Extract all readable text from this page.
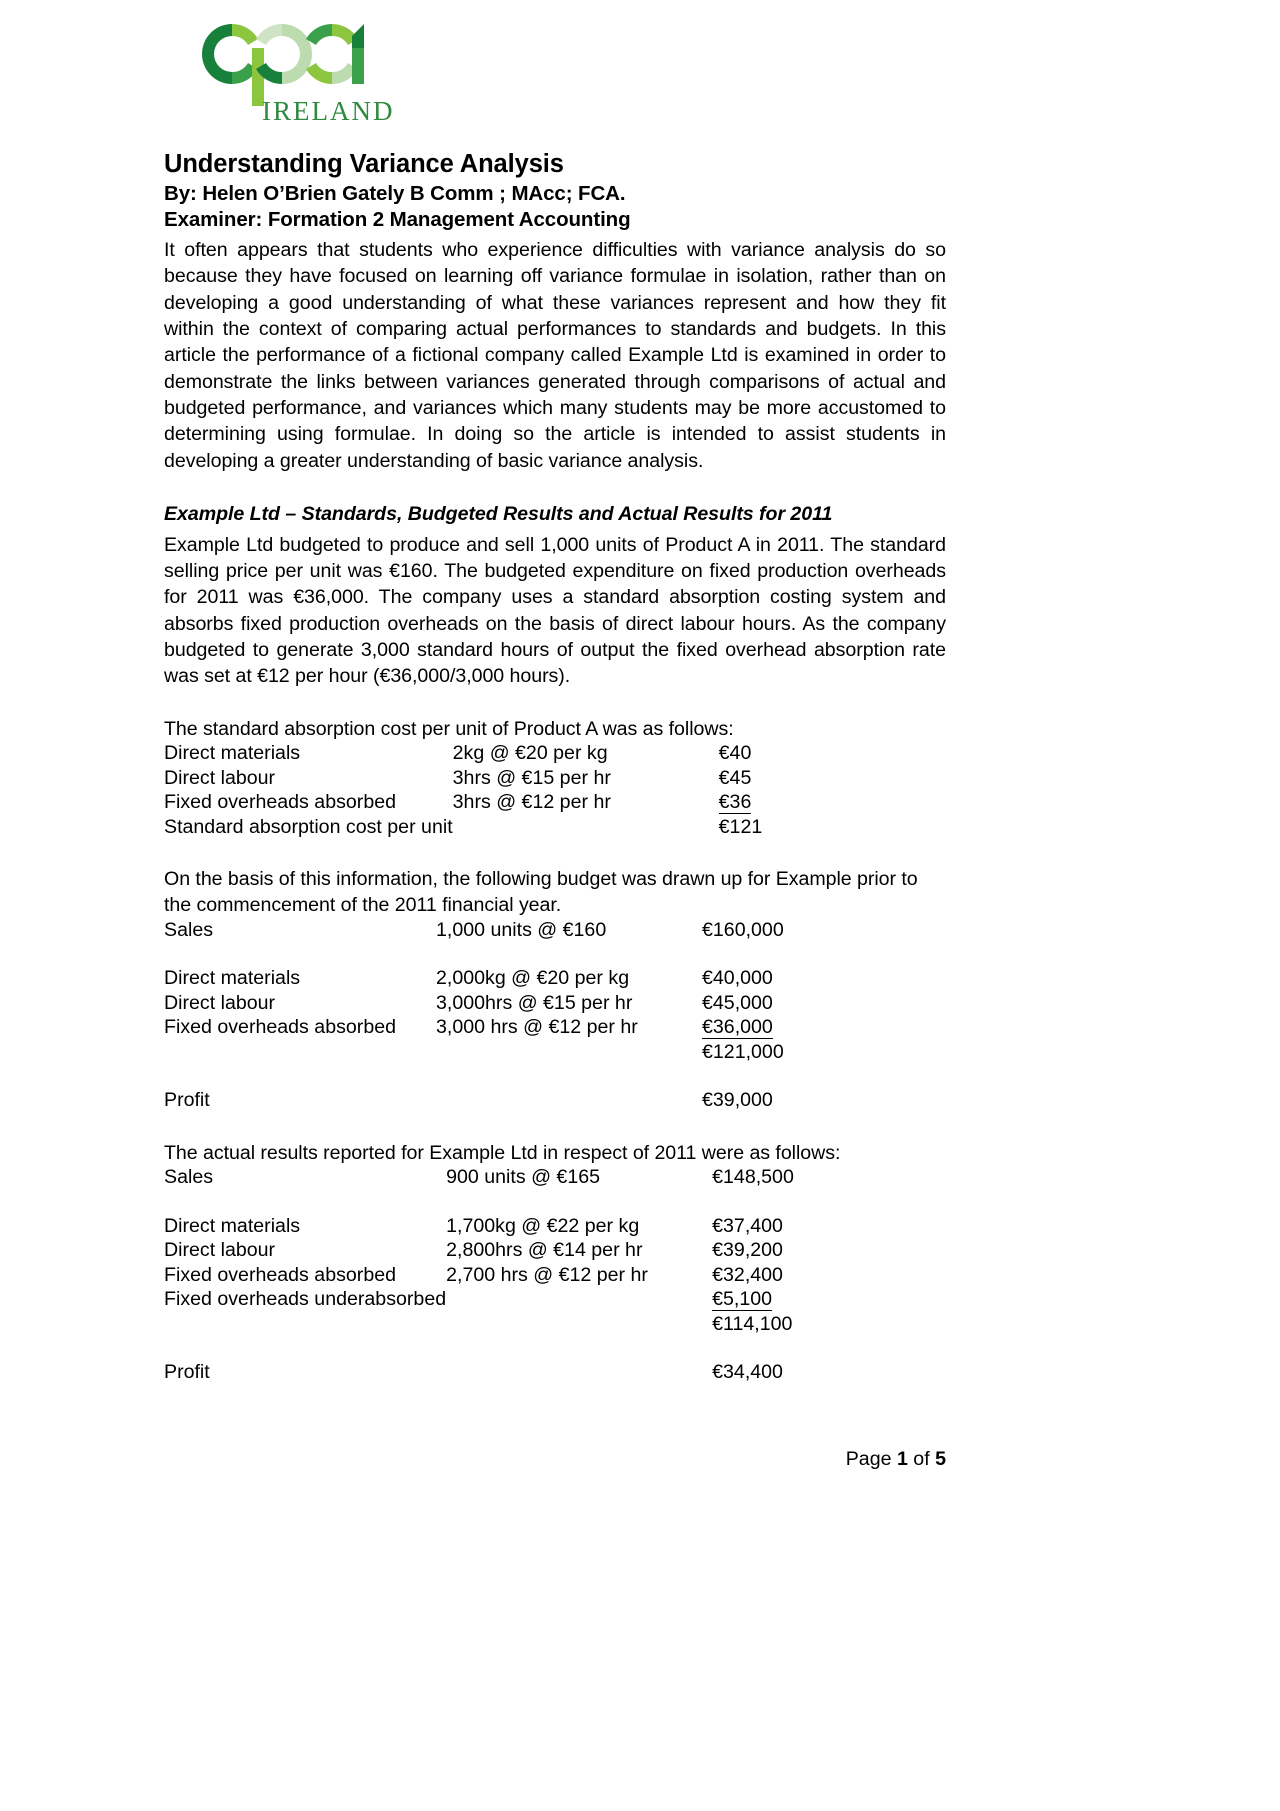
IRELAND
Understanding Variance Analysis
By: Helen O’Brien Gately B Comm ; MAcc; FCA.
Examiner: Formation 2 Management Accounting

It often appears that students who experience difficulties with variance analysis do so because they have focused on learning off variance formulae in isolation, rather than on developing a good understanding of what these variances represent and how they fit within the context of comparing actual performances to standards and budgets. In this article the performance of a fictional company called Example Ltd is examined in order to demonstrate the links between variances generated through comparisons of actual and budgeted performance, and variances which many students may be more accustomed to determining using formulae. In doing so the article is intended to assist students in developing a greater understanding of basic variance analysis.

Example Ltd – Standards, Budgeted Results and Actual Results for 2011

Example Ltd budgeted to produce and sell 1,000 units of Product A in 2011. The standard selling price per unit was €160. The budgeted expenditure on fixed production overheads for 2011 was €36,000. The company uses a standard absorption costing system and absorbs fixed production overheads on the basis of direct labour hours. As the company budgeted to generate 3,000 standard hours of output the fixed overhead absorption rate was set at €12 per hour (€36,000/3,000 hours).

The standard absorption cost per unit of Product A was as follows:

Direct materials	2kg @ €20 per kg	€40
Direct labour	3hrs @ €15 per hr	€45
Fixed overheads absorbed	3hrs @ €12 per hr	€36
Standard absorption cost per unit		€121

On the basis of this information, the following budget was drawn up for Example prior to the commencement of the 2011 financial year.

Sales	1,000 units @ €160	€160,000

Direct materials	2,000kg @ €20 per kg	€40,000
Direct labour	3,000hrs @ €15 per hr	€45,000
Fixed overheads absorbed	3,000 hrs @ €12 per hr	€36,000
		€121,000

Profit		€39,000

The actual results reported for Example Ltd in respect of 2011 were as follows:

Sales	900 units @ €165	€148,500

Direct materials	1,700kg @ €22 per kg	€37,400
Direct labour	2,800hrs @ €14 per hr	€39,200
Fixed overheads absorbed	2,700 hrs @ €12 per hr	€32,400
Fixed overheads underabsorbed		€5,100
		€114,100

Profit		€34,400
Page 1 of 5
